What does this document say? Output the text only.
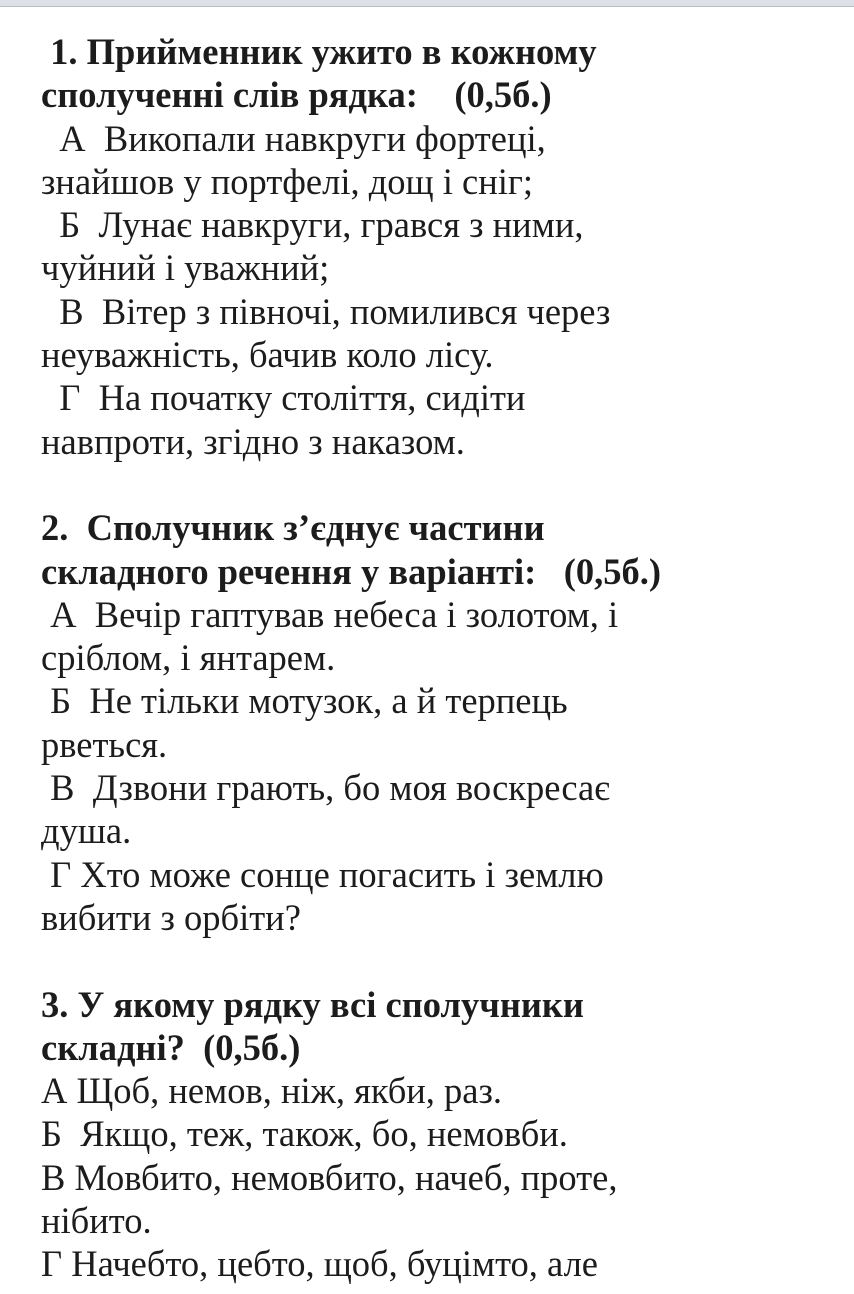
1. Прийменник ужито в кожному
сполученні слів рядка:    (0,5б.)
А  Викопали навкруги фортеці,
знайшов у портфелі, дощ і сніг;
Б  Лунає навкруги, грався з ними,
чуйний і уважний;
В  Вітер з півночі, помилився через
неуважність, бачив коло лісу.
Г  На початку століття, сидіти
навпроти, згідно з наказом.
2.  Сполучник з’єднує частини
складного речення у варіанті:   (0,5б.)
А  Вечір гаптував небеса і золотом, і
сріблом, і янтарем.
Б  Не тільки мотузок, а й терпець
рветься.
В  Дзвони грають, бо моя воскресає
душа.
Г Хто може сонце погасить і землю
вибити з орбіти?
3. У якому рядку всі сполучники
складні?  (0,5б.)
А Щоб, немов, ніж, якби, раз.
Б  Якщо, теж, також, бо, немовби.
В Мовбито, немовбито, начеб, проте,
нібито.
Г Начебто, цебто, щоб, буцімто, але
